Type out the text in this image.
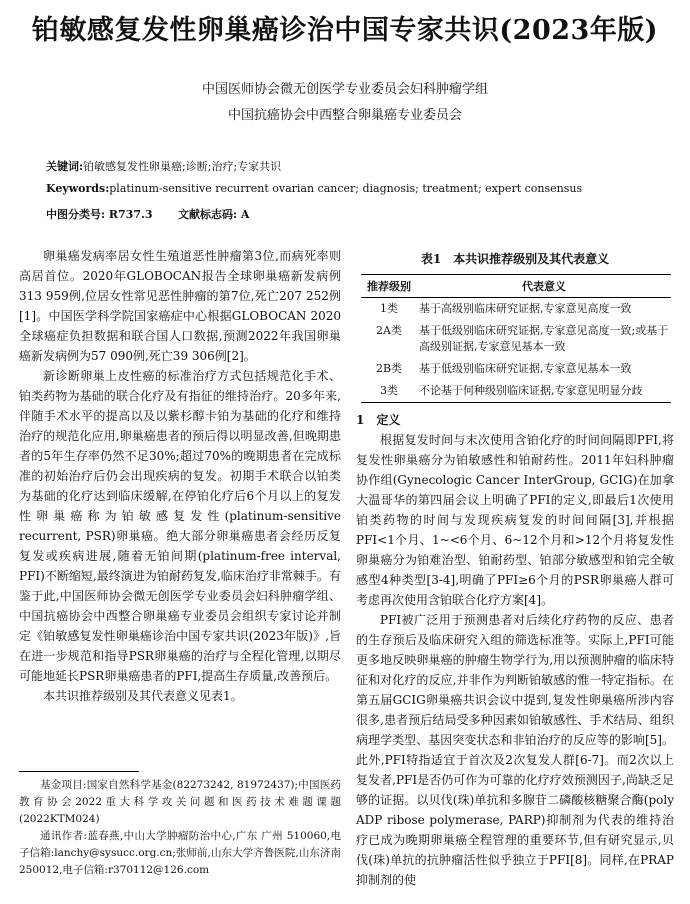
铂敏感复发性卵巢癌诊治中国专家共识(2023年版)
中国医师协会微无创医学专业委员会妇科肿瘤学组
中国抗癌协会中西整合卵巢癌专业委员会
关键词:铂敏感复发性卵巢癌;诊断;治疗;专家共识
Keywords:platinum-sensitive recurrent ovarian cancer; diagnosis; treatment; expert consensus
中图分类号: R737.3 文献标志码: A

卵巢癌发病率居女性生殖道恶性肿瘤第3位,而病死率则高居首位。2020年GLOBOCAN报告全球卵巢癌新发病例313 959例,位居女性常见恶性肿瘤的第7位,死亡207 252例[1]。中国医学科学院国家癌症中心根据GLOBOCAN 2020全球癌症负担数据和联合国人口数据,预测2022年我国卵巢癌新发病例为57 090例,死亡39 306例[2]。

新诊断卵巢上皮性癌的标准治疗方式包括规范化手术、铂类药物为基础的联合化疗及有指征的维持治疗。20多年来,伴随手术水平的提高以及以紫杉醇卡铂为基础的化疗和维持治疗的规范化应用,卵巢癌患者的预后得以明显改善,但晚期患者的5年生存率仍然不足30%;超过70%的晚期患者在完成标准的初始治疗后仍会出现疾病的复发。初期手术联合以铂类为基础的化疗达到临床缓解,在停铂化疗后6个月以上的复发性卵巢癌称为铂敏感复发性(platinum-sensitive recurrent, PSR)卵巢癌。绝大部分卵巢癌患者会经历反复复发或疾病进展,随着无铂间期(platinum-free interval, PFI)不断缩短,最终演进为铂耐药复发,临床治疗非常棘手。有鉴于此,中国医师协会微无创医学专业委员会妇科肿瘤学组、中国抗癌协会中西整合卵巢癌专业委员会组织专家讨论并制定《铂敏感复发性卵巢癌诊治中国专家共识(2023年版)》,旨在进一步规范和指导PSR卵巢癌的治疗与全程化管理,以期尽可能地延长PSR卵巢癌患者的PFI,提高生存质量,改善预后。

本共识推荐级别及其代表意义见表1。

表1　本共识推荐级别及其代表意义
推荐级别	代表意义
1类	基于高级别临床研究证据,专家意见高度一致
2A类	基于低级别临床研究证据,专家意见高度一致;或基于高级别证据,专家意见基本一致
2B类	基于低级别临床研究证据,专家意见基本一致
3类	不论基于何种级别临床证据,专家意见明显分歧

1　定义

根据复发时间与末次使用含铂化疗的时间间隔即PFI,将复发性卵巢癌分为铂敏感性和铂耐药性。2011年妇科肿瘤协作组(Gynecologic Cancer InterGroup, GCIG)在加拿大温哥华的第四届会议上明确了PFI的定义,即最后1次使用铂类药物的时间与发现疾病复发的时间间隔[3],并根据PFI<1个月、1~<6个月、6~12个月和>12个月将复发性卵巢癌分为铂难治型、铂耐药型、铂部分敏感型和铂完全敏感型4种类型[3-4],明确了PFI≥6个月的PSR卵巢癌人群可考虑再次使用含铂联合化疗方案[4]。

PFI被广泛用于预测患者对后续化疗药物的反应、患者的生存预后及临床研究入组的筛选标准等。实际上,PFI可能更多地反映卵巢癌的肿瘤生物学行为,用以预测肿瘤的临床特征和对化疗的反应,并非作为判断铂敏感的惟一特定指标。在第五届GCIG卵巢癌共识会议中提到,复发性卵巢癌所涉内容很多,患者预后结局受多种因素如铂敏感性、手术结局、组织病理学类型、基因突变状态和非铂治疗的反应等的影响[5]。此外,PFI特指适宜于首次及2次复发人群[6-7]。而2次以上复发者,PFI是否仍可作为可靠的化疗疗效预测因子,尚缺乏足够的证据。以贝伐(珠)单抗和多腺苷二磷酸核糖聚合酶(poly ADP ribose polymerase, PARP)抑制剂为代表的维持治疗已成为晚期卵巢癌全程管理的重要环节,但有研究显示,贝伐(珠)单抗的抗肿瘤活性似乎独立于PFI[8]。同样,在PRAP抑制剂的使

基金项目:国家自然科学基金(82273242, 81972437);中国医药教育协会2022重大科学攻关问题和医药技术难题课题(2022KTM024)

通讯作者:蓝春燕,中山大学肿瘤防治中心,广东 广州 510060,电子信箱:lanchy@sysucc.org.cn;张师前,山东大学齐鲁医院,山东济南 250012,电子信箱:r370112@126.com
